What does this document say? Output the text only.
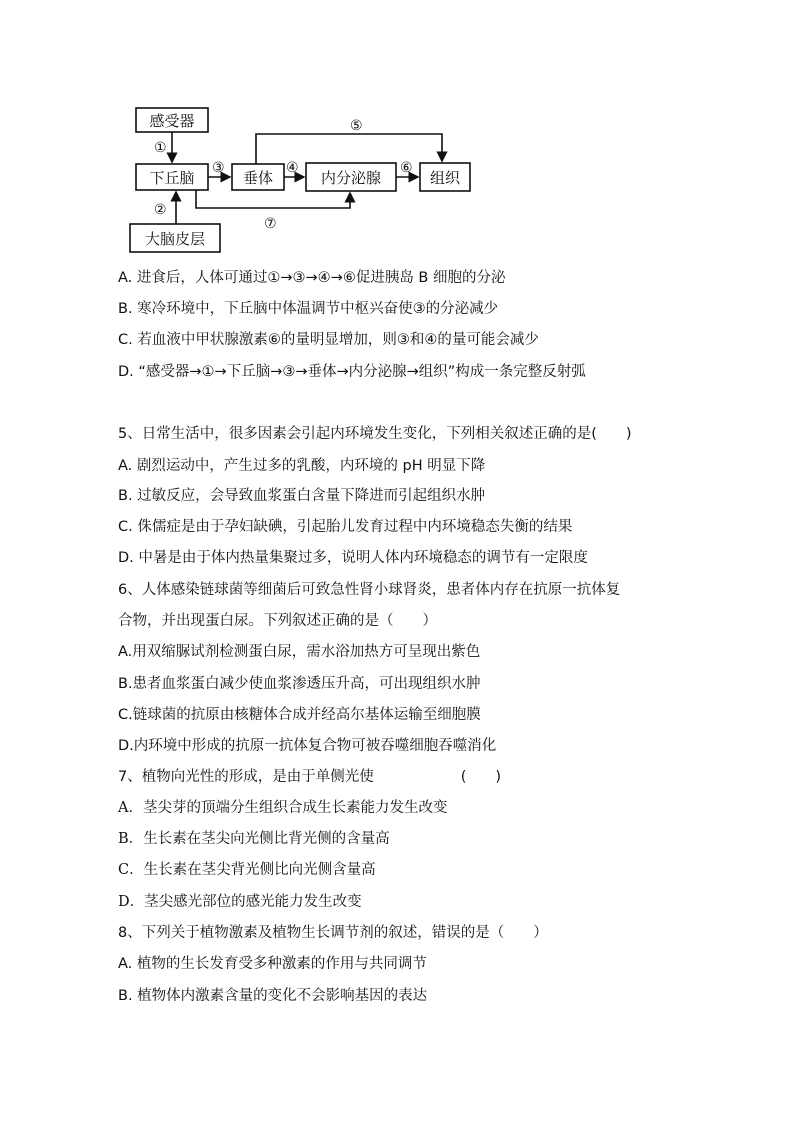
感受器
下丘脑	垂体	内分泌腺	组织
大脑皮层
①
②
③	④
⑤
⑥
⑦
A. 进食后，人体可通过①→③→④→⑥促进胰岛 B 细胞的分泌
B. 寒冷环境中，下丘脑中体温调节中枢兴奋使③的分泌减少
C. 若血液中甲状腺激素⑥的量明显增加，则③和④的量可能会减少
D. “感受器→①→下丘脑→③→垂体→内分泌腺→组织”构成一条完整反射弧
5、日常生活中，很多因素会引起内环境发生变化，下列相关叙述正确的是(　　)
A. 剧烈运动中，产生过多的乳酸，内环境的 pH 明显下降
B. 过敏反应，会导致血浆蛋白含量下降进而引起组织水肿
C. 侏儒症是由于孕妇缺碘，引起胎儿发育过程中内环境稳态失衡的结果
D. 中暑是由于体内热量集聚过多，说明人体内环境稳态的调节有一定限度
6、人体感染链球菌等细菌后可致急性肾小球肾炎，患者体内存在抗原一抗体复
合物，并出现蛋白尿。下列叙述正确的是（　　）
A.用双缩脲试剂检测蛋白尿，需水浴加热方可呈现出紫色
B.患者血浆蛋白减少使血浆渗透压升高，可出现组织水肿
C.链球菌的抗原由核糖体合成并经高尔基体运输至细胞膜
D.内环境中形成的抗原一抗体复合物可被吞噬细胞吞噬消化
7、植物向光性的形成，是由于单侧光使　　　　　　(　　)
A．茎尖芽的顶端分生组织合成生长素能力发生改变
B．生长素在茎尖向光侧比背光侧的含量高
C．生长素在茎尖背光侧比向光侧含量高
D．茎尖感光部位的感光能力发生改变
8、下列关于植物激素及植物生长调节剂的叙述，错误的是（　　）
A. 植物的生长发育受多种激素的作用与共同调节
B. 植物体内激素含量的变化不会影响基因的表达
